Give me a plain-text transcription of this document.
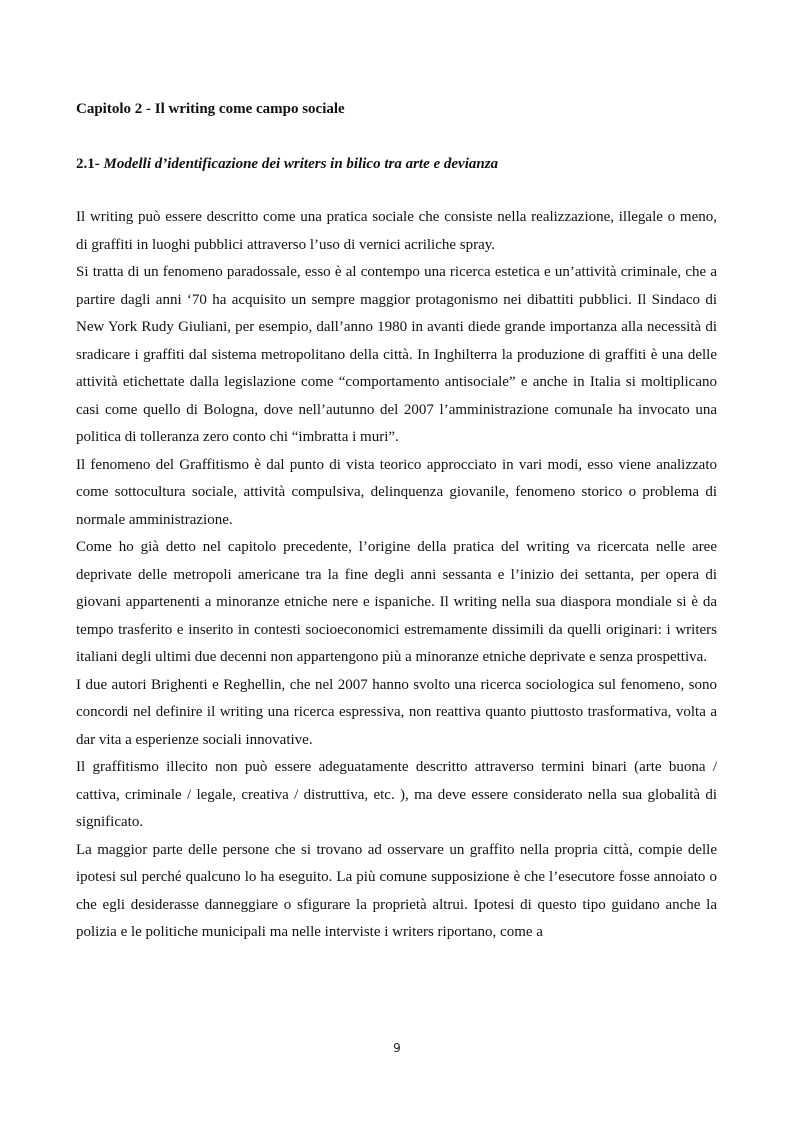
Capitolo 2 - Il writing come campo sociale

2.1- Modelli d’identificazione dei writers in bilico tra arte e devianza

Il writing può essere descritto come una pratica sociale che consiste nella realizzazione, illegale o meno, di graffiti in luoghi pubblici attraverso l’uso di vernici acriliche spray.

Si tratta di un fenomeno paradossale, esso è al contempo una ricerca estetica e un’attività criminale, che a partire dagli anni ‘70 ha acquisito un sempre maggior protagonismo nei dibattiti pubblici. Il Sindaco di New York Rudy Giuliani, per esempio, dall’anno 1980 in avanti diede grande importanza alla necessità di sradicare i graffiti dal sistema metropolitano della città. In Inghilterra la produzione di graffiti è una delle attività etichettate dalla legislazione come “comportamento antisociale” e anche in Italia si moltiplicano casi come quello di Bologna, dove nell’autunno del 2007 l’amministrazione comunale ha invocato una politica di tolleranza zero conto chi “imbratta i muri”.

Il fenomeno del Graffitismo è dal punto di vista teorico approcciato in vari modi, esso viene analizzato come sottocultura sociale, attività compulsiva, delinquenza giovanile, fenomeno storico o problema di normale amministrazione.

Come ho già detto nel capitolo precedente, l’origine della pratica del writing va ricercata nelle aree deprivate delle metropoli americane tra la fine degli anni sessanta e l’inizio dei settanta, per opera di giovani appartenenti a minoranze etniche nere e ispaniche. Il writing nella sua diaspora mondiale si è da tempo trasferito e inserito in contesti socioeconomici estremamente dissimili da quelli originari: i writers italiani degli ultimi due decenni non appartengono più a minoranze etniche deprivate e senza prospettiva.

I due autori Brighenti e Reghellin, che nel 2007 hanno svolto una ricerca sociologica sul fenomeno, sono concordi nel definire il writing una ricerca espressiva, non reattiva quanto piuttosto trasformativa, volta a dar vita a esperienze sociali innovative.

Il graffitismo illecito non può essere adeguatamente descritto attraverso termini binari (arte buona / cattiva, criminale / legale, creativa / distruttiva, etc. ), ma deve essere considerato nella sua globalità di significato.

La maggior parte delle persone che si trovano ad osservare un graffito nella propria città, compie delle ipotesi sul perché qualcuno lo ha eseguito. La più comune supposizione è che l’esecutore fosse annoiato o che egli desiderasse danneggiare o sfigurare la proprietà altrui. Ipotesi di questo tipo guidano anche la polizia e le politiche municipali ma nelle interviste i writers riportano, come a

9
